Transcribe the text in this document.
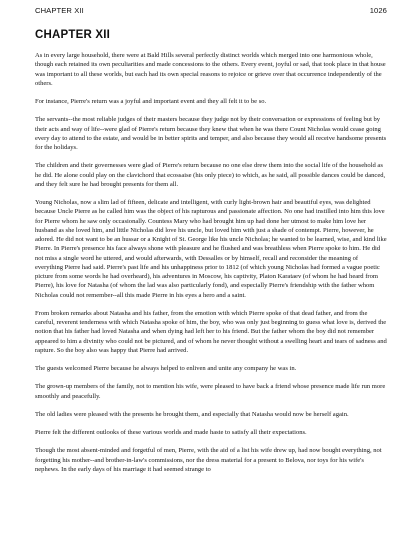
CHAPTER XII	1026
CHAPTER XII

As in every large household, there were at Bald Hills several perfectly distinct worlds which merged into one harmonious whole, though each retained its own peculiarities and made concessions to the others. Every event, joyful or sad, that took place in that house was important to all these worlds, but each had its own special reasons to rejoice or grieve over that occurrence independently of the others.

For instance, Pierre's return was a joyful and important event and they all felt it to be so.

The servants--the most reliable judges of their masters because they judge not by their conversation or expressions of feeling but by their acts and way of life--were glad of Pierre's return because they knew that when he was there Count Nicholas would cease going every day to attend to the estate, and would be in better spirits and temper, and also because they would all receive handsome presents for the holidays.

The children and their governesses were glad of Pierre's return because no one else drew them into the social life of the household as he did. He alone could play on the clavichord that ecossaise (his only piece) to which, as he said, all possible dances could be danced, and they felt sure he had brought presents for them all.

Young Nicholas, now a slim lad of fifteen, delicate and intelligent, with curly light-brown hair and beautiful eyes, was delighted because Uncle Pierre as he called him was the object of his rapturous and passionate affection. No one had instilled into him this love for Pierre whom he saw only occasionally. Countess Mary who had brought him up had done her utmost to make him love her husband as she loved him, and little Nicholas did love his uncle, but loved him with just a shade of contempt. Pierre, however, he adored. He did not want to be an hussar or a Knight of St. George like his uncle Nicholas; he wanted to be learned, wise, and kind like Pierre. In Pierre's presence his face always shone with pleasure and he flushed and was breathless when Pierre spoke to him. He did not miss a single word he uttered, and would afterwards, with Dessalles or by himself, recall and reconsider the meaning of everything Pierre had said. Pierre's past life and his unhappiness prior to 1812 (of which young Nicholas had formed a vague poetic picture from some words he had overheard), his adventures in Moscow, his captivity, Platon Karataev (of whom he had heard from Pierre), his love for Natasha (of whom the lad was also particularly fond), and especially Pierre's friendship with the father whom Nicholas could not remember--all this made Pierre in his eyes a hero and a saint.

From broken remarks about Natasha and his father, from the emotion with which Pierre spoke of that dead father, and from the careful, reverent tenderness with which Natasha spoke of him, the boy, who was only just beginning to guess what love is, derived the notion that his father had loved Natasha and when dying had left her to his friend. But the father whom the boy did not remember appeared to him a divinity who could not be pictured, and of whom he never thought without a swelling heart and tears of sadness and rapture. So the boy also was happy that Pierre had arrived.

The guests welcomed Pierre because he always helped to enliven and unite any company he was in.

The grown-up members of the family, not to mention his wife, were pleased to have back a friend whose presence made life run more smoothly and peacefully.

The old ladies were pleased with the presents he brought them, and especially that Natasha would now be herself again.

Pierre felt the different outlooks of these various worlds and made haste to satisfy all their expectations.

Though the most absent-minded and forgetful of men, Pierre, with the aid of a list his wife drew up, had now bought everything, not forgetting his mother--and brother-in-law's commissions, nor the dress material for a present to Belova, nor toys for his wife's nephews. In the early days of his marriage it had seemed strange to
